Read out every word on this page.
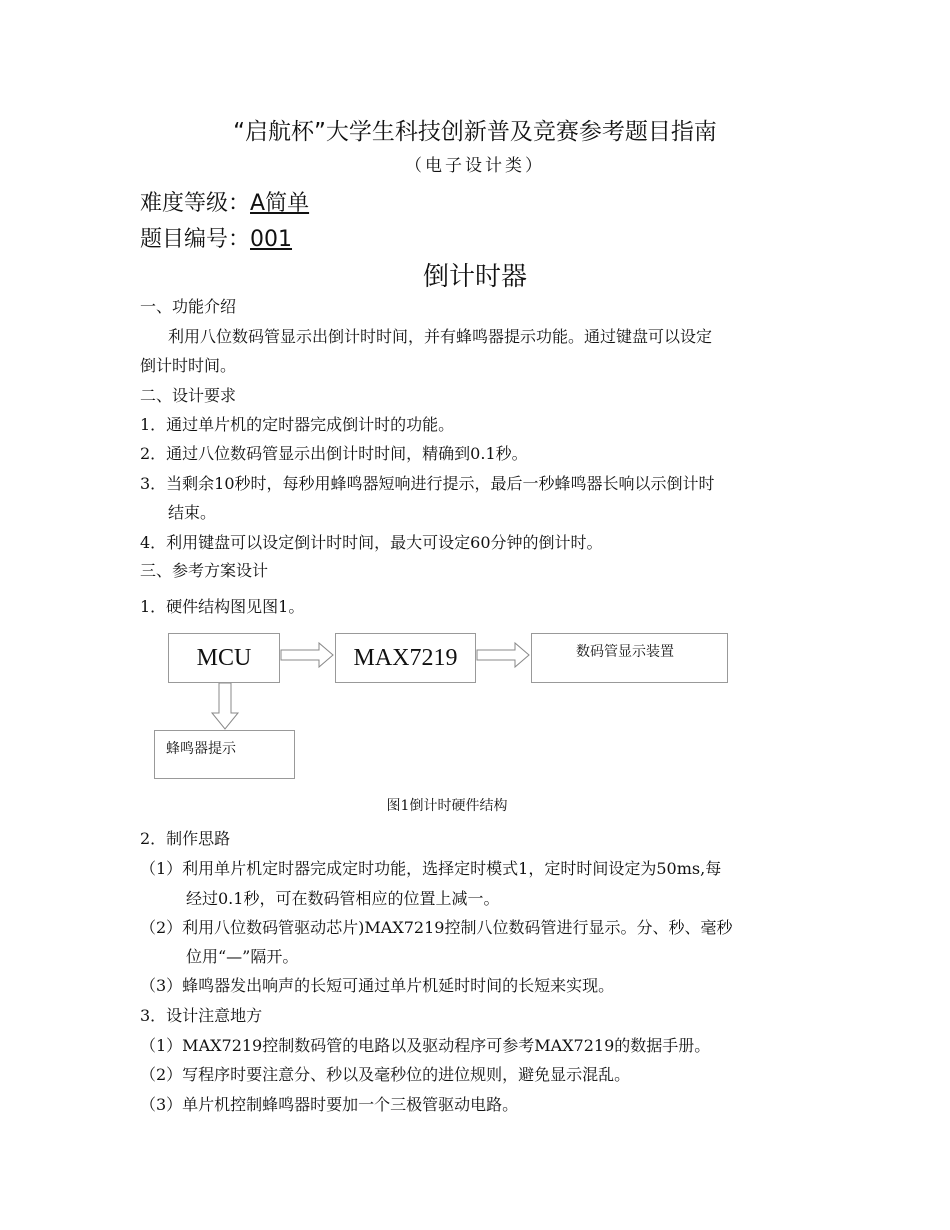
“启航杯”大学生科技创新普及竞赛参考题目指南
（电子设计类）
难度等级：A简单
题目编号：001
倒计时器
一、功能介绍
利用八位数码管显示出倒计时时间，并有蜂鸣器提示功能。通过键盘可以设定
倒计时时间。
二、设计要求
1．通过单片机的定时器完成倒计时的功能。
2．通过八位数码管显示出倒计时时间，精确到0.1秒。
3．当剩余10秒时，每秒用蜂鸣器短响进行提示，最后一秒蜂鸣器长响以示倒计时
结束。
4．利用键盘可以设定倒计时时间，最大可设定60分钟的倒计时。
三、参考方案设计
1．硬件结构图见图1。
MCU	MAX7219	数码管显示装置
蜂鸣器提示
图1倒计时硬件结构
2．制作思路
（1）利用单片机定时器完成定时功能，选择定时模式1，定时时间设定为50ms,每
经过0.1秒，可在数码管相应的位置上减一。
（2）利用八位数码管驱动芯片)MAX7219控制八位数码管进行显示。分、秒、毫秒
位用“—”隔开。
（3）蜂鸣器发出响声的长短可通过单片机延时时间的长短来实现。
3．设计注意地方
（1）MAX7219控制数码管的电路以及驱动程序可参考MAX7219的数据手册。
（2）写程序时要注意分、秒以及毫秒位的进位规则，避免显示混乱。
（3）单片机控制蜂鸣器时要加一个三极管驱动电路。
